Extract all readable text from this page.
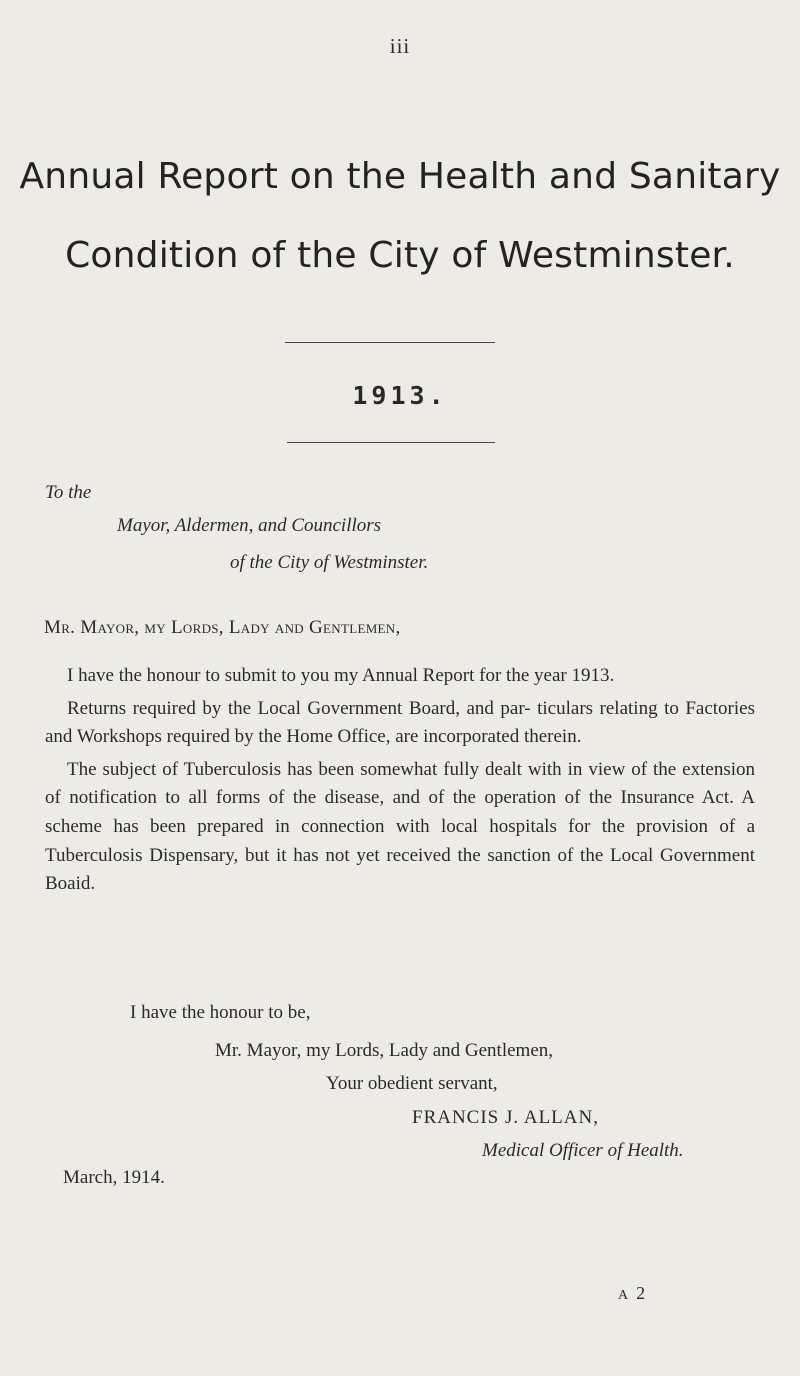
iii
Annual Report on the Health and Sanitary
Condition of the City of Westminster.
1913.
To the
Mayor, Aldermen, and Councillors
of the City of Westminster.
Mr. Mayor, my Lords, Lady and Gentlemen,

I have the honour to submit to you my Annual Report for the year 1913.

Returns required by the Local Government Board, and par- ticulars relating to Factories and Workshops required by the Home Office, are incorporated therein.

The subject of Tuberculosis has been somewhat fully dealt with in view of the extension of notification to all forms of the disease, and of the operation of the Insurance Act. A scheme has been prepared in connection with local hospitals for the provision of a Tuberculosis Dispensary, but it has not yet received the sanction of the Local Government Boaid.

I have the honour to be,
Mr. Mayor, my Lords, Lady and Gentlemen,
Your obedient servant,
FRANCIS J. ALLAN,
Medical Officer of Health.
March, 1914.
A 2
